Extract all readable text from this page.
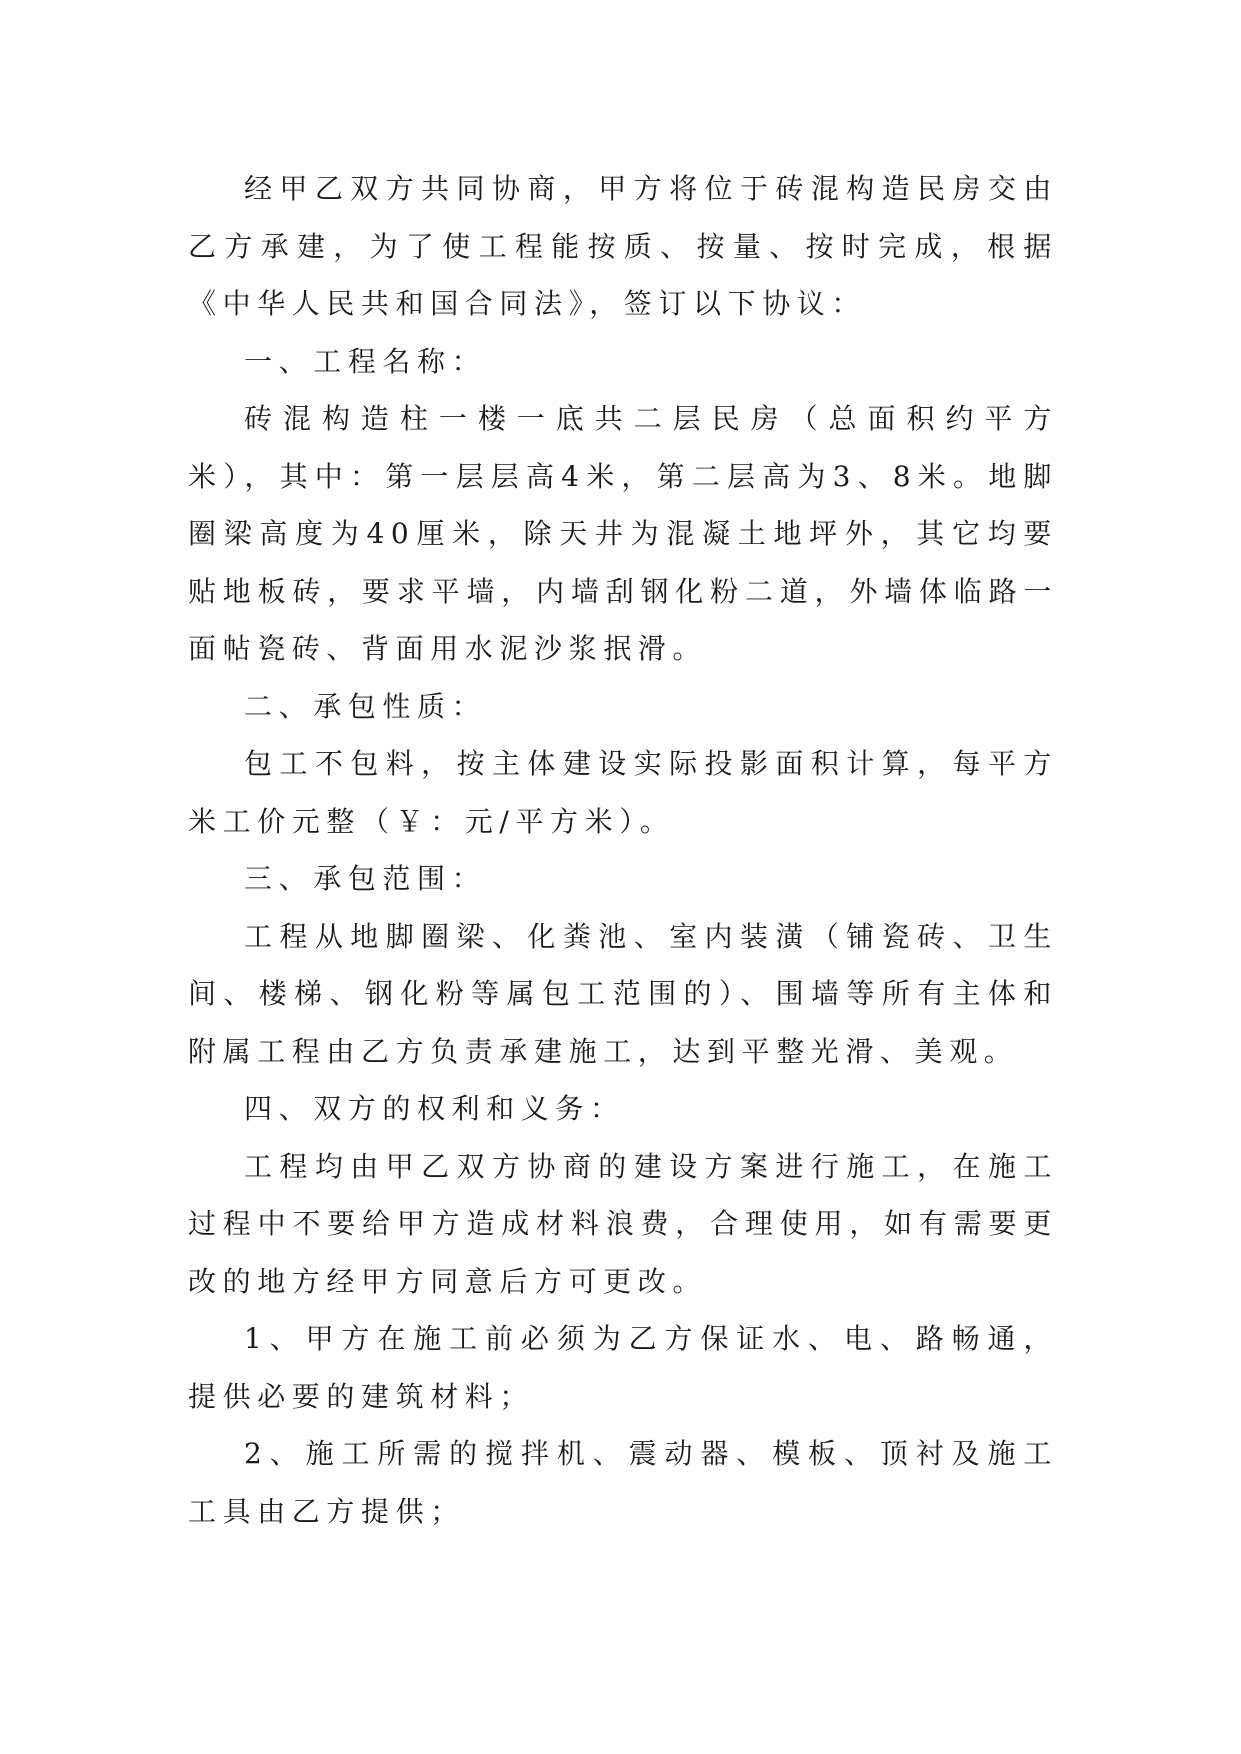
经甲乙双方共同协商，甲方将位于砖混构造民房交由乙方承建，为了使工程能按质、按量、按时完成，根据《中华人民共和国合同法》，签订以下协议：

一、工程名称：

砖混构造柱一楼一底共二层民房（总面积约平方米），其中：第一层层高4米，第二层高为3、8米。地脚圈梁高度为40厘米，除天井为混凝土地坪外，其它均要贴地板砖，要求平墙，内墙刮钢化粉二道，外墙体临路一面帖瓷砖、背面用水泥沙浆抿滑。

二、承包性质：

包工不包料，按主体建设实际投影面积计算，每平方米工价元整（￥：元/平方米）。

三、承包范围：

工程从地脚圈梁、化粪池、室内装潢（铺瓷砖、卫生间、楼梯、钢化粉等属包工范围的）、围墙等所有主体和附属工程由乙方负责承建施工，达到平整光滑、美观。

四、双方的权利和义务：

工程均由甲乙双方协商的建设方案进行施工，在施工过程中不要给甲方造成材料浪费，合理使用，如有需要更改的地方经甲方同意后方可更改。

1、甲方在施工前必须为乙方保证水、电、路畅通，提供必要的建筑材料；

2、施工所需的搅拌机、震动器、模板、顶衬及施工工具由乙方提供；
